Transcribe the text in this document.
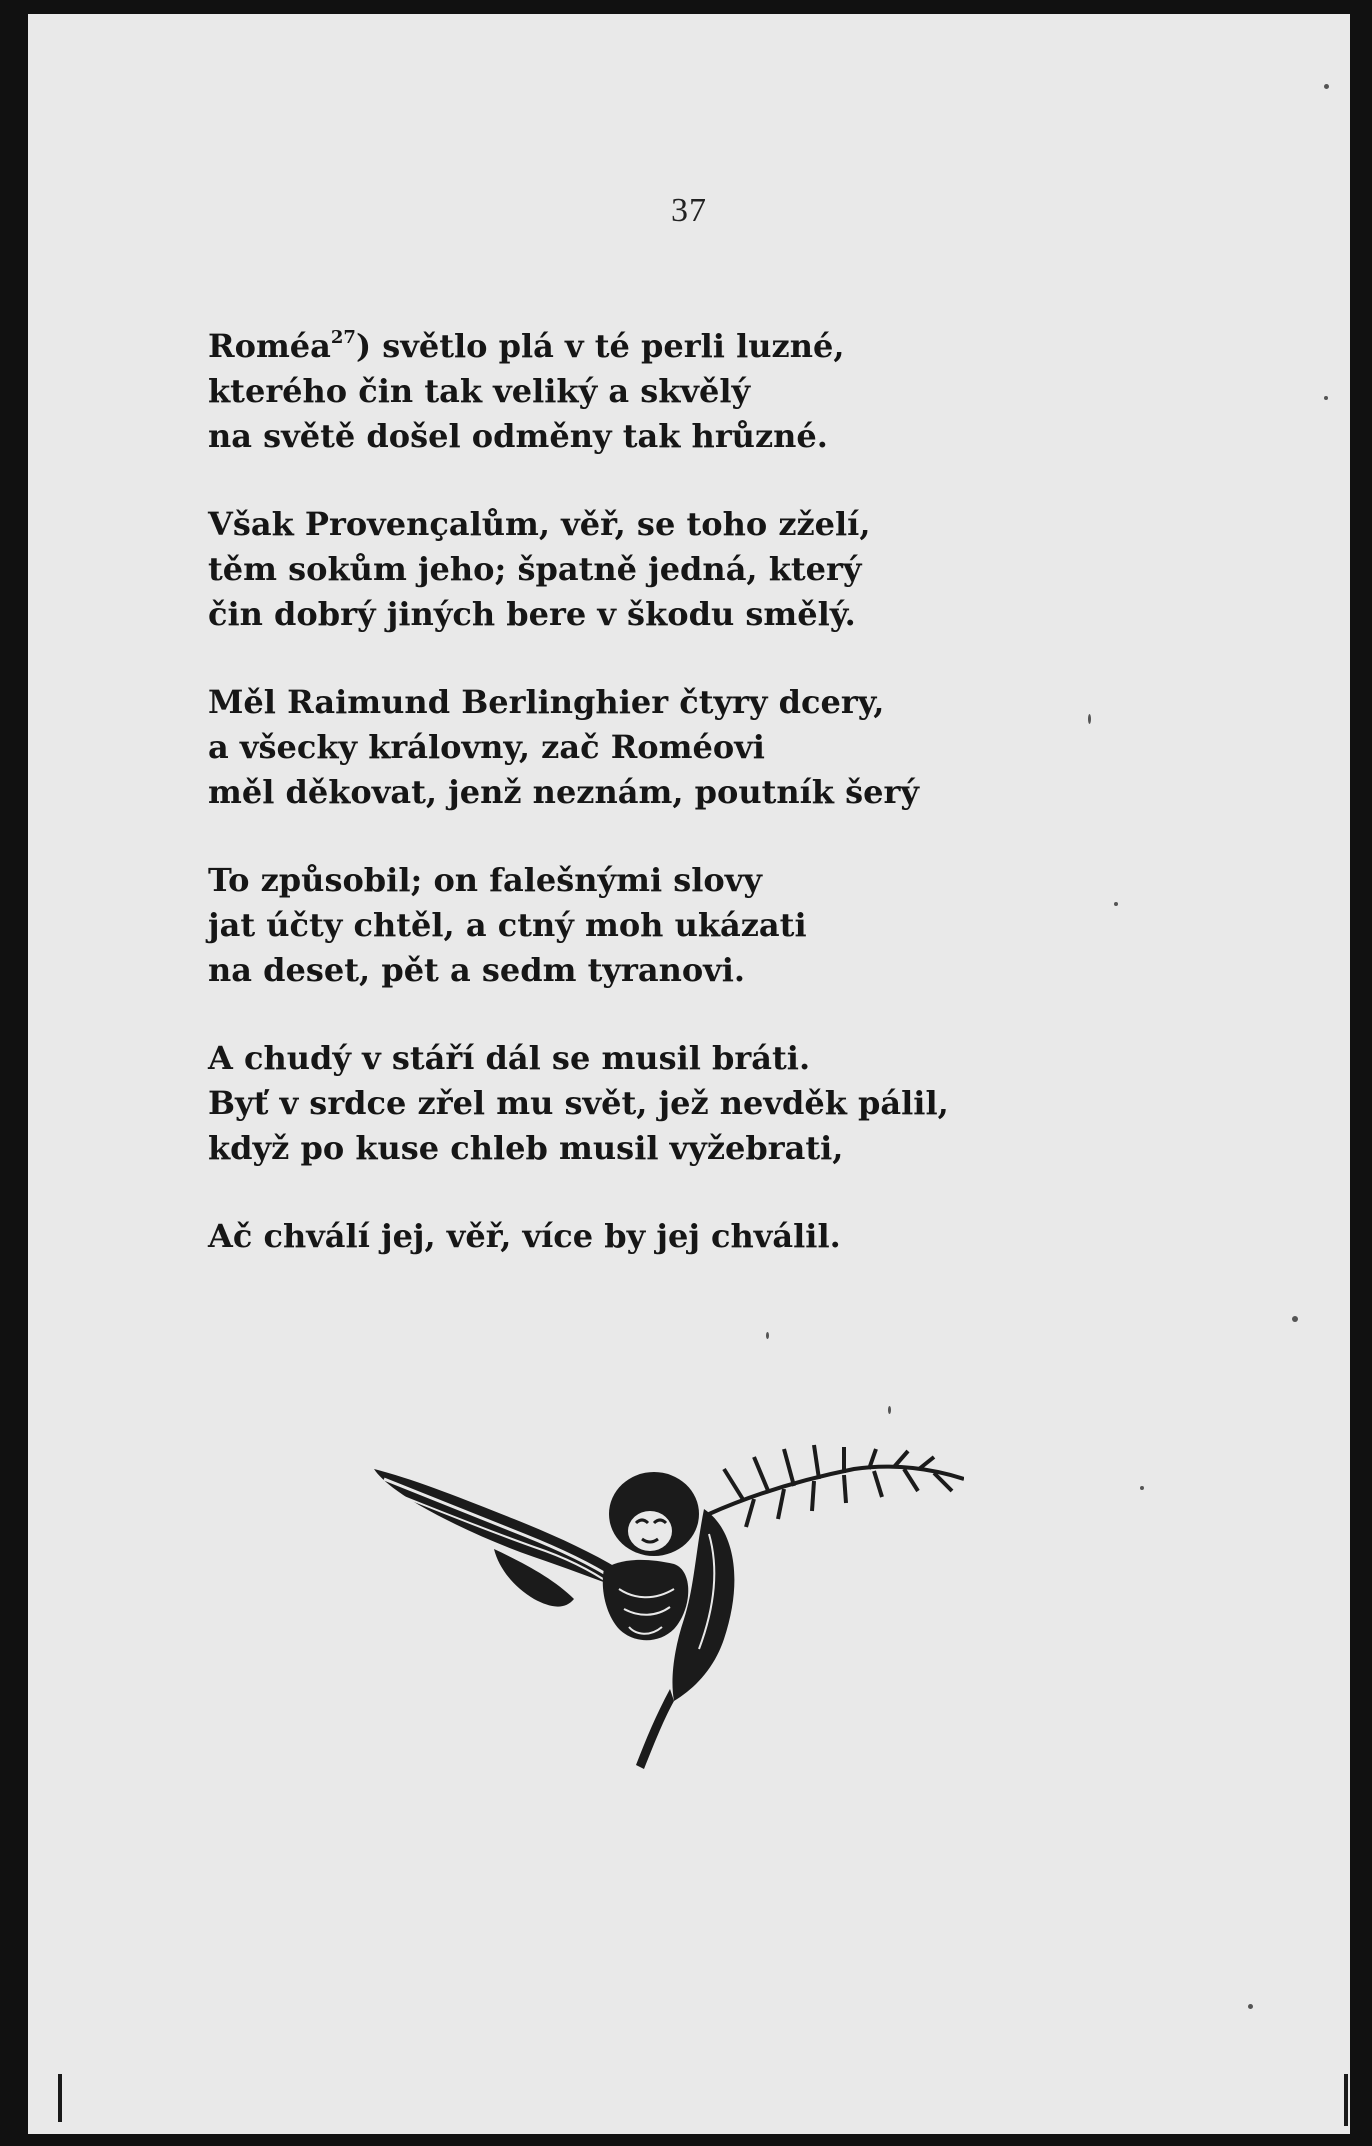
37
Roméa$^{27}$) světlo plá v té perli luzné,
kterého čin tak veliký a skvělý
na světě došel odměny tak hrůzné.
Však Provençalům, věř, se toho zželí,
těm sokům jeho; špatně jedná, který
čin dobrý jiných bere v škodu smělý.
Měl Raimund Berlinghier čtyry dcery,
a všecky královny, zač Roméovi
měl děkovat, jenž neznám, poutník šerý
To způsobil; on falešnými slovy
jat účty chtěl, a ctný moh ukázati
na deset, pět a sedm tyranovi.
A chudý v stáří dál se musil bráti.
Byť v srdce zřel mu svět, jež nevděk pálil,
když po kuse chleb musil vyžebrati,
Ač chválí jej, věř, více by jej chválil.
